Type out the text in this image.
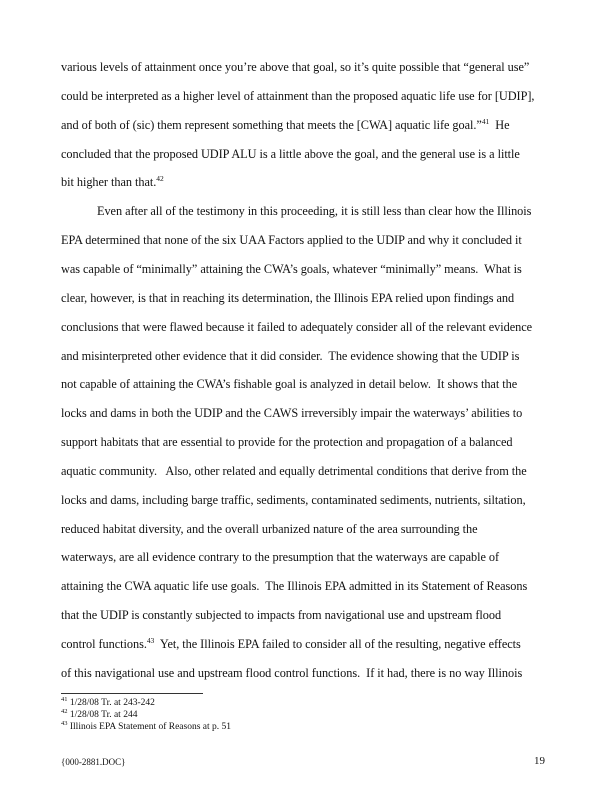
various levels of attainment once you’re above that goal, so it’s quite possible that “general use”
could be interpreted as a higher level of attainment than the proposed aquatic life use for [UDIP],
and of both of (sic) them represent something that meets the [CWA] aquatic life goal.”$^{41}$  He
concluded that the proposed UDIP ALU is a little above the goal, and the general use is a little
bit higher than that.$^{42}$
Even after all of the testimony in this proceeding, it is still less than clear how the Illinois
EPA determined that none of the six UAA Factors applied to the UDIP and why it concluded it
was capable of “minimally” attaining the CWA’s goals, whatever “minimally” means.  What is
clear, however, is that in reaching its determination, the Illinois EPA relied upon findings and
conclusions that were flawed because it failed to adequately consider all of the relevant evidence
and misinterpreted other evidence that it did consider.  The evidence showing that the UDIP is
not capable of attaining the CWA’s fishable goal is analyzed in detail below.  It shows that the
locks and dams in both the UDIP and the CAWS irreversibly impair the waterways’ abilities to
support habitats that are essential to provide for the protection and propagation of a balanced
aquatic community.   Also, other related and equally detrimental conditions that derive from the
locks and dams, including barge traffic, sediments, contaminated sediments, nutrients, siltation,
reduced habitat diversity, and the overall urbanized nature of the area surrounding the
waterways, are all evidence contrary to the presumption that the waterways are capable of
attaining the CWA aquatic life use goals.  The Illinois EPA admitted in its Statement of Reasons
that the UDIP is constantly subjected to impacts from navigational use and upstream flood
control functions.$^{43}$  Yet, the Illinois EPA failed to consider all of the resulting, negative effects
of this navigational use and upstream flood control functions.  If it had, there is no way Illinois
$^{41}$ 1/28/08 Tr. at 243-242
$^{42}$ 1/28/08 Tr. at 244
$^{43}$ Illinois EPA Statement of Reasons at p. 51
{000-2881.DOC}	19
